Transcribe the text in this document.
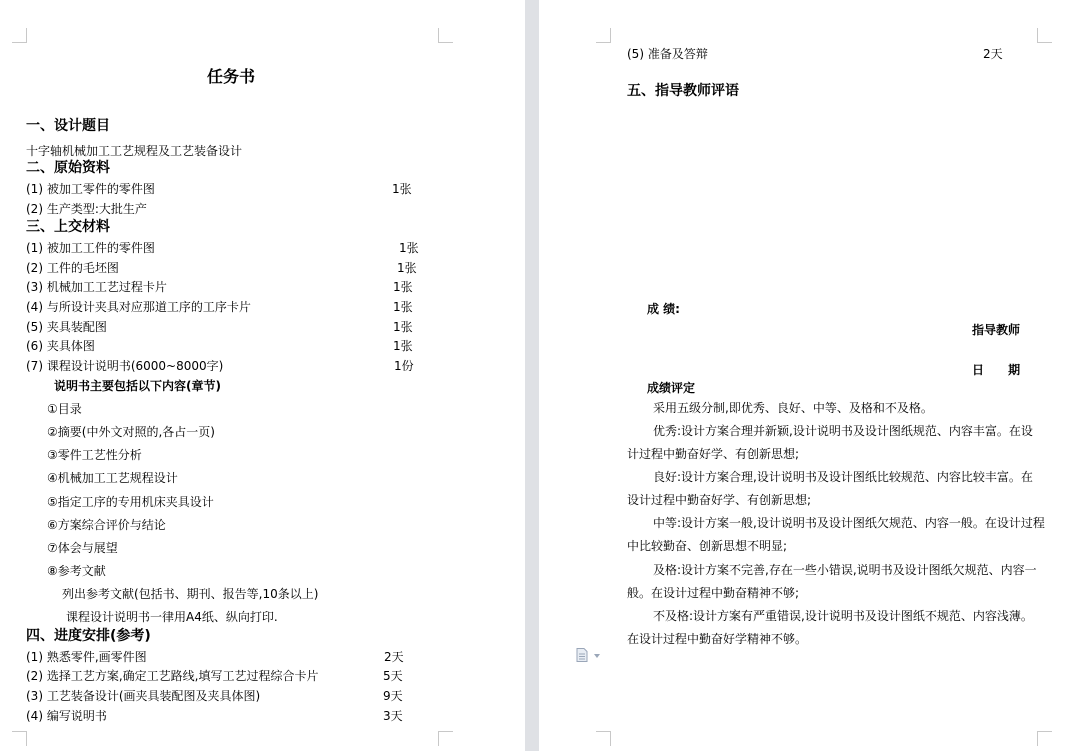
任务书
一、设计题目
十字轴机械加工工艺规程及工艺装备设计
二、原始资料
(1) 被加工零件的零件图	1张
(2) 生产类型:大批生产
三、上交材料
(1) 被加工工件的零件图	1张
(2) 工件的毛坯图	1张
(3) 机械加工工艺过程卡片	1张
(4) 与所设计夹具对应那道工序的工序卡片	1张
(5) 夹具装配图	1张
(6) 夹具体图	1张
(7) 课程设计说明书(6000~8000字)	1份
说明书主要包括以下内容(章节)
①目录
②摘要(中外文对照的,各占一页)
③零件工艺性分析
④机械加工工艺规程设计
⑤指定工序的专用机床夹具设计
⑥方案综合评价与结论
⑦体会与展望
⑧参考文献
列出参考文献(包括书、期刊、报告等,10条以上)
课程设计说明书一律用A4纸、纵向打印.
四、进度安排(参考)
(1) 熟悉零件,画零件图	2天
(2) 选择工艺方案,确定工艺路线,填写工艺过程综合卡片	5天
(3) 工艺装备设计(画夹具装配图及夹具体图)	9天
(4) 编写说明书	3天
(5) 准备及答辩	2天
五、指导教师评语
成 绩:
指导教师
日 期
成绩评定
采用五级分制,即优秀、良好、中等、及格和不及格。
优秀:设计方案合理并新颖,设计说明书及设计图纸规范、内容丰富。在设计过程中勤奋好学、有创新思想;
良好:设计方案合理,设计说明书及设计图纸比较规范、内容比较丰富。在设计过程中勤奋好学、有创新思想;
中等:设计方案一般,设计说明书及设计图纸欠规范、内容一般。在设计过程中比较勤奋、创新思想不明显;
及格:设计方案不完善,存在一些小错误,说明书及设计图纸欠规范、内容一般。在设计过程中勤奋精神不够;
不及格:设计方案有严重错误,设计说明书及设计图纸不规范、内容浅薄。在设计过程中勤奋好学精神不够。
